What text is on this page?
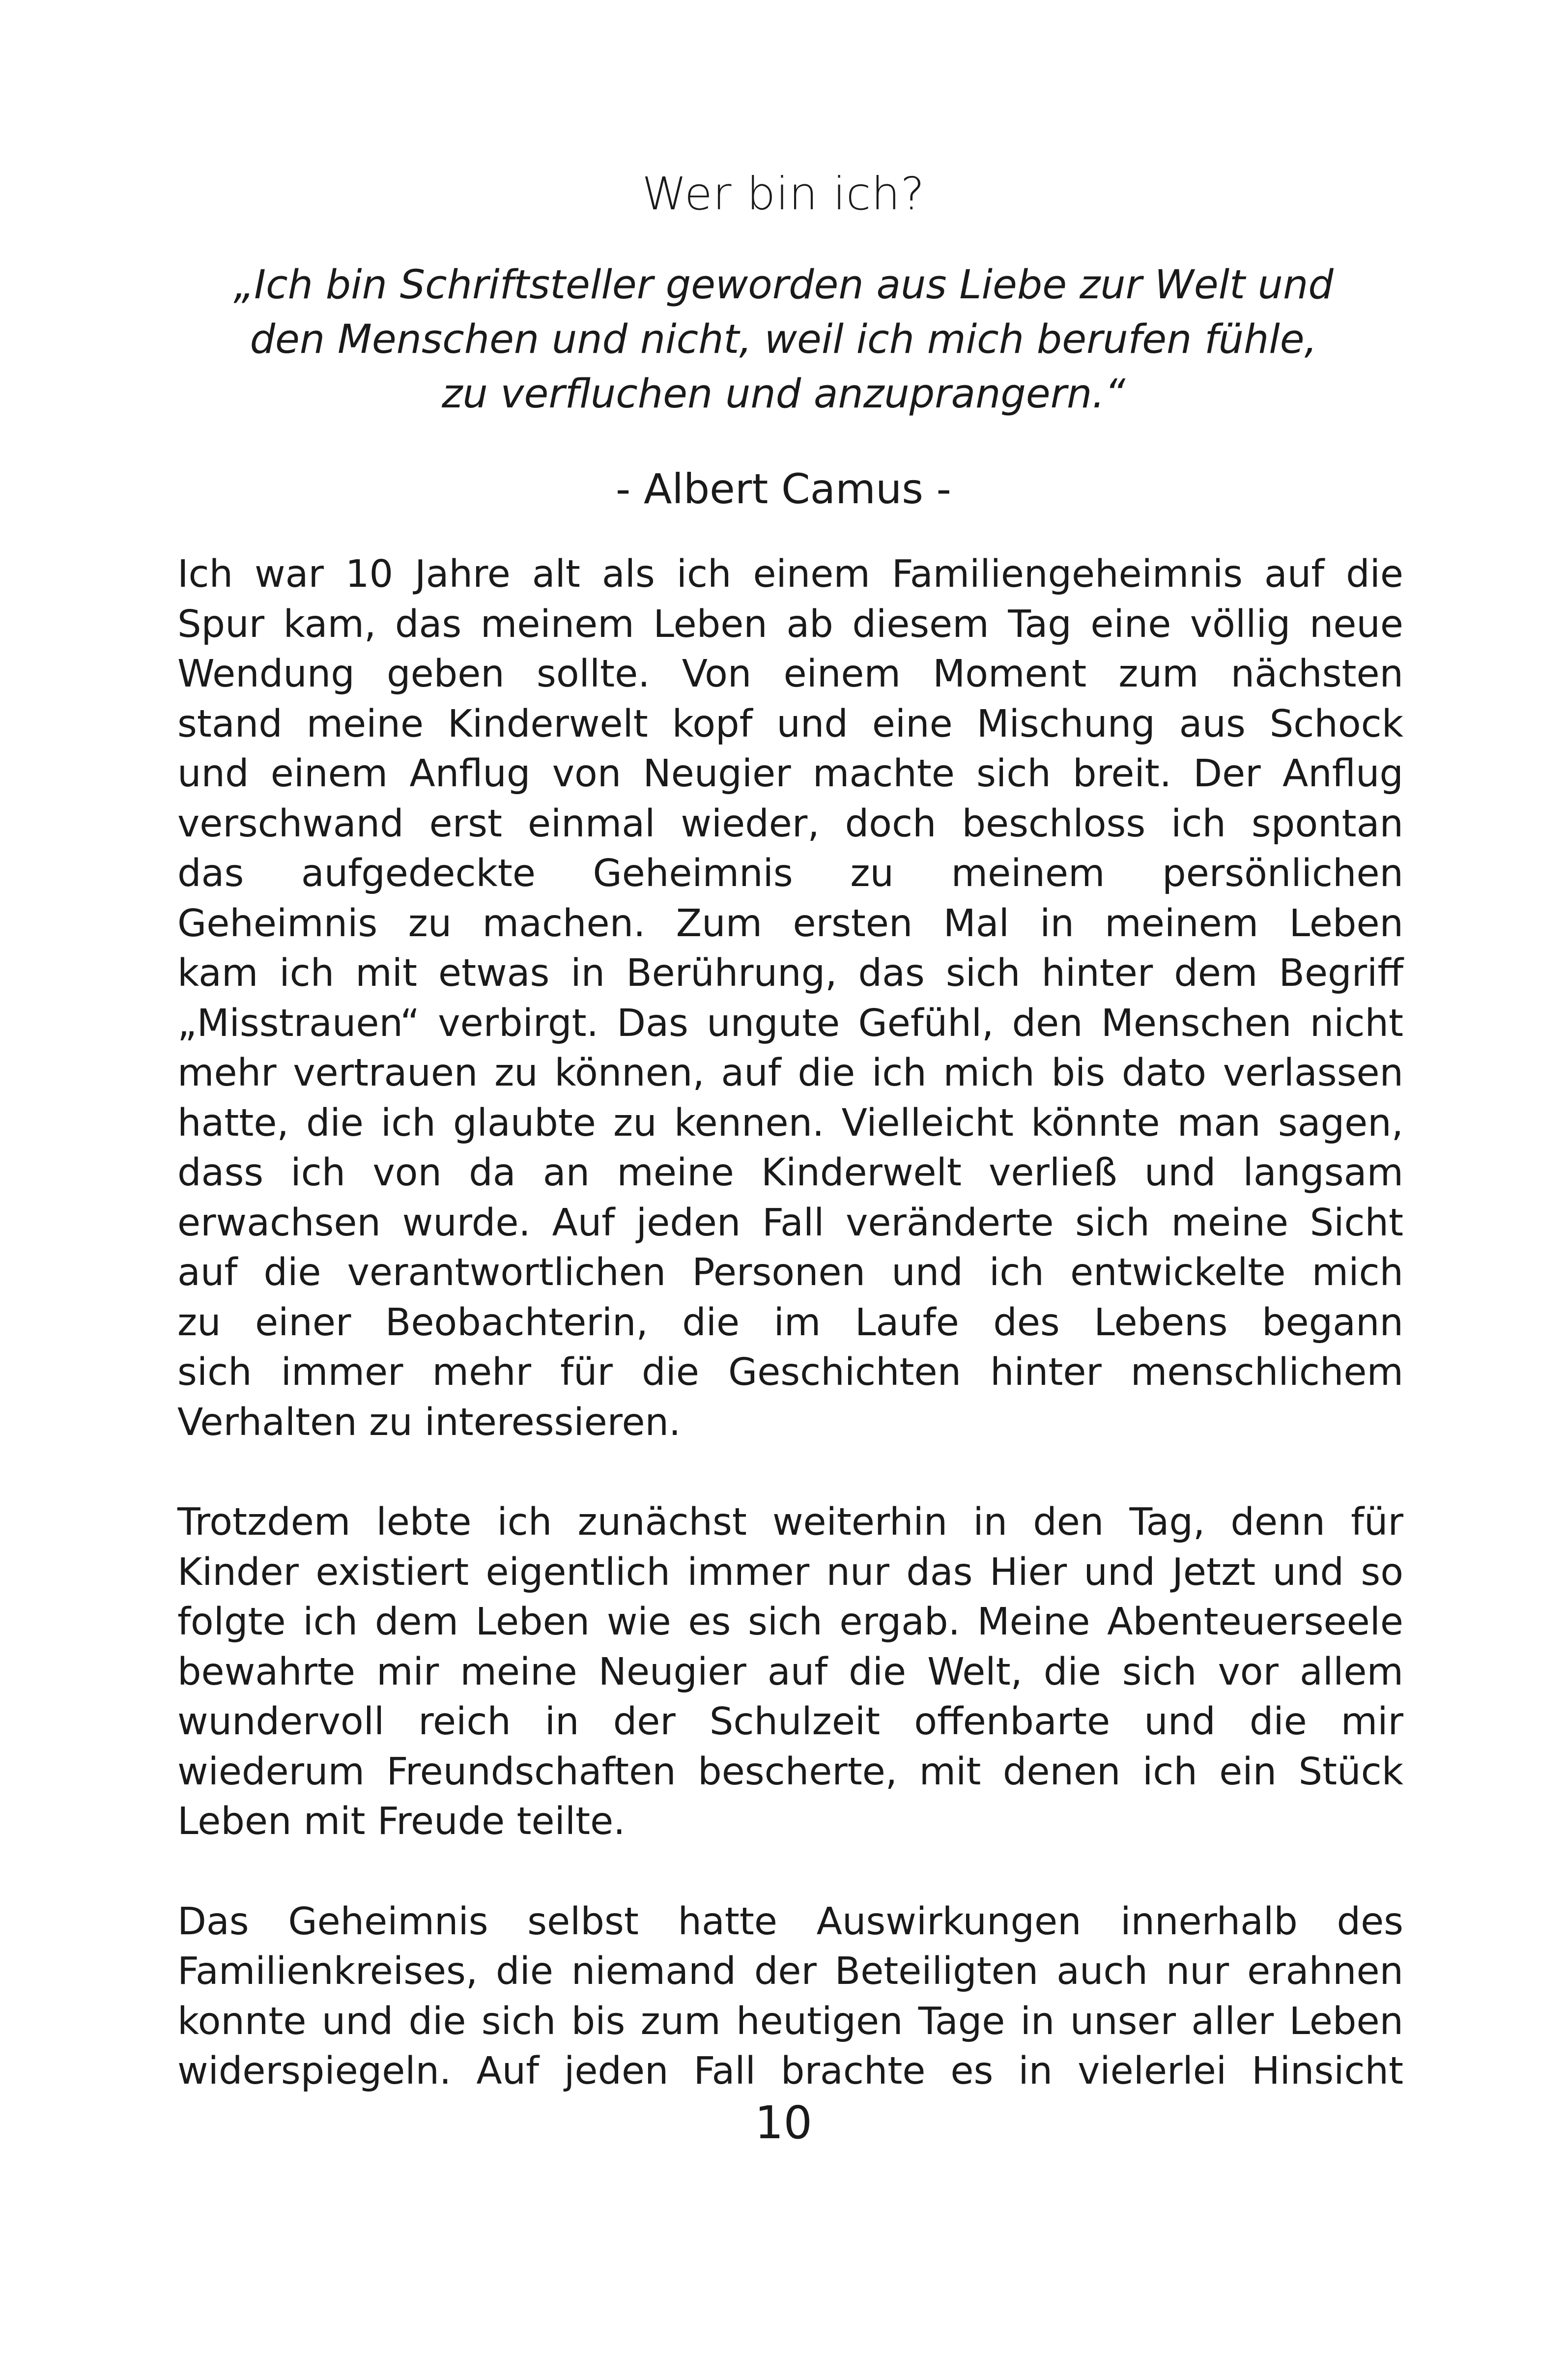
Wer bin ich?
„Ich bin Schriftsteller geworden aus Liebe zur Welt und
den Menschen und nicht, weil ich mich berufen fühle,
zu verfluchen und anzuprangern.“
- Albert Camus -

Ich war 10 Jahre alt als ich einem Familiengeheimnis auf die
Spur kam, das meinem Leben ab diesem Tag eine völlig neue
Wendung geben sollte. Von einem Moment zum nächsten
stand meine Kinderwelt kopf und eine Mischung aus Schock
und einem Anflug von Neugier machte sich breit. Der Anflug
verschwand erst einmal wieder, doch beschloss ich spontan
das aufgedeckte Geheimnis zu meinem persönlichen
Geheimnis zu machen. Zum ersten Mal in meinem Leben
kam ich mit etwas in Berührung, das sich hinter dem Begriff
„Misstrauen“ verbirgt. Das ungute Gefühl, den Menschen nicht
mehr vertrauen zu können, auf die ich mich bis dato verlassen
hatte, die ich glaubte zu kennen. Vielleicht könnte man sagen,
dass ich von da an meine Kinderwelt verließ und langsam
erwachsen wurde. Auf jeden Fall veränderte sich meine Sicht
auf die verantwortlichen Personen und ich entwickelte mich
zu einer Beobachterin, die im Laufe des Lebens begann
sich immer mehr für die Geschichten hinter menschlichem
Verhalten zu interessieren.

Trotzdem lebte ich zunächst weiterhin in den Tag, denn für
Kinder existiert eigentlich immer nur das Hier und Jetzt und so
folgte ich dem Leben wie es sich ergab. Meine Abenteuerseele
bewahrte mir meine Neugier auf die Welt, die sich vor allem
wundervoll reich in der Schulzeit offenbarte und die mir
wiederum Freundschaften bescherte, mit denen ich ein Stück
Leben mit Freude teilte.

Das Geheimnis selbst hatte Auswirkungen innerhalb des
Familienkreises, die niemand der Beteiligten auch nur erahnen
konnte und die sich bis zum heutigen Tage in unser aller Leben
widerspiegeln. Auf jeden Fall brachte es in vielerlei Hinsicht

10
